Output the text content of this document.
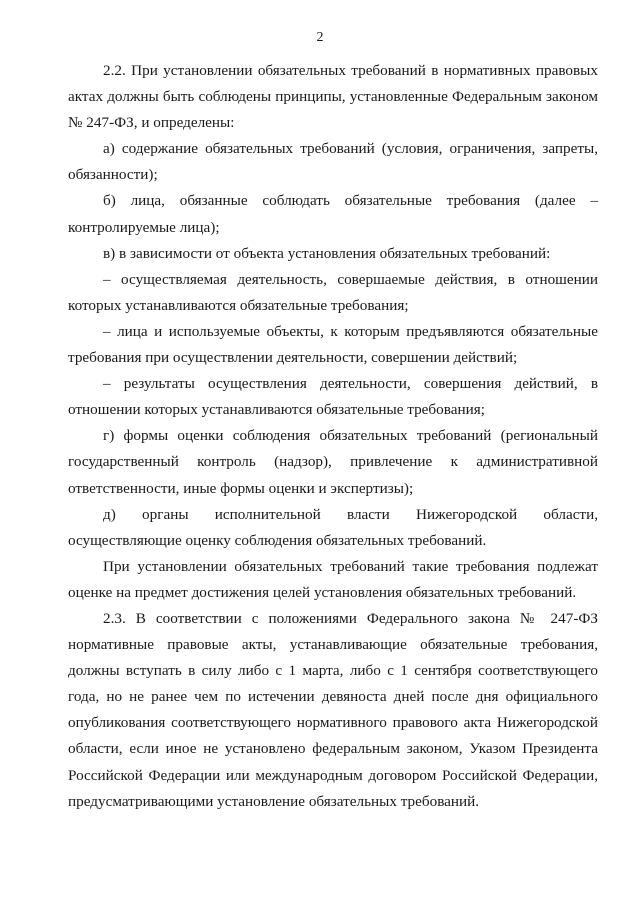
2

2.2. При установлении обязательных требований в нормативных правовых актах должны быть соблюдены принципы, установленные Федеральным законом № 247-ФЗ, и определены:

а) содержание обязательных требований (условия, ограничения, запреты, обязанности);

б) лица, обязанные соблюдать обязательные требования (далее – контролируемые лица);

в) в зависимости от объекта установления обязательных требований:

– осуществляемая деятельность, совершаемые действия, в отношении которых устанавливаются обязательные требования;

– лица и используемые объекты, к которым предъявляются обязательные требования при осуществлении деятельности, совершении действий;

– результаты осуществления деятельности, совершения действий, в отношении которых устанавливаются обязательные требования;

г) формы оценки соблюдения обязательных требований (региональный государственный контроль (надзор), привлечение к административной ответственности, иные формы оценки и экспертизы);

д) органы исполнительной власти Нижегородской области, осуществляющие оценку соблюдения обязательных требований.

При установлении обязательных требований такие требования подлежат оценке на предмет достижения целей установления обязательных требований.

2.3. В соответствии с положениями Федерального закона № 247-ФЗ нормативные правовые акты, устанавливающие обязательные требования, должны вступать в силу либо с 1 марта, либо с 1 сентября соответствующего года, но не ранее чем по истечении девяноста дней после дня официального опубликования соответствующего нормативного правового акта Нижегородской области, если иное не установлено федеральным законом, Указом Президента Российской Федерации или международным договором Российской Федерации, предусматривающими установление обязательных требований.
